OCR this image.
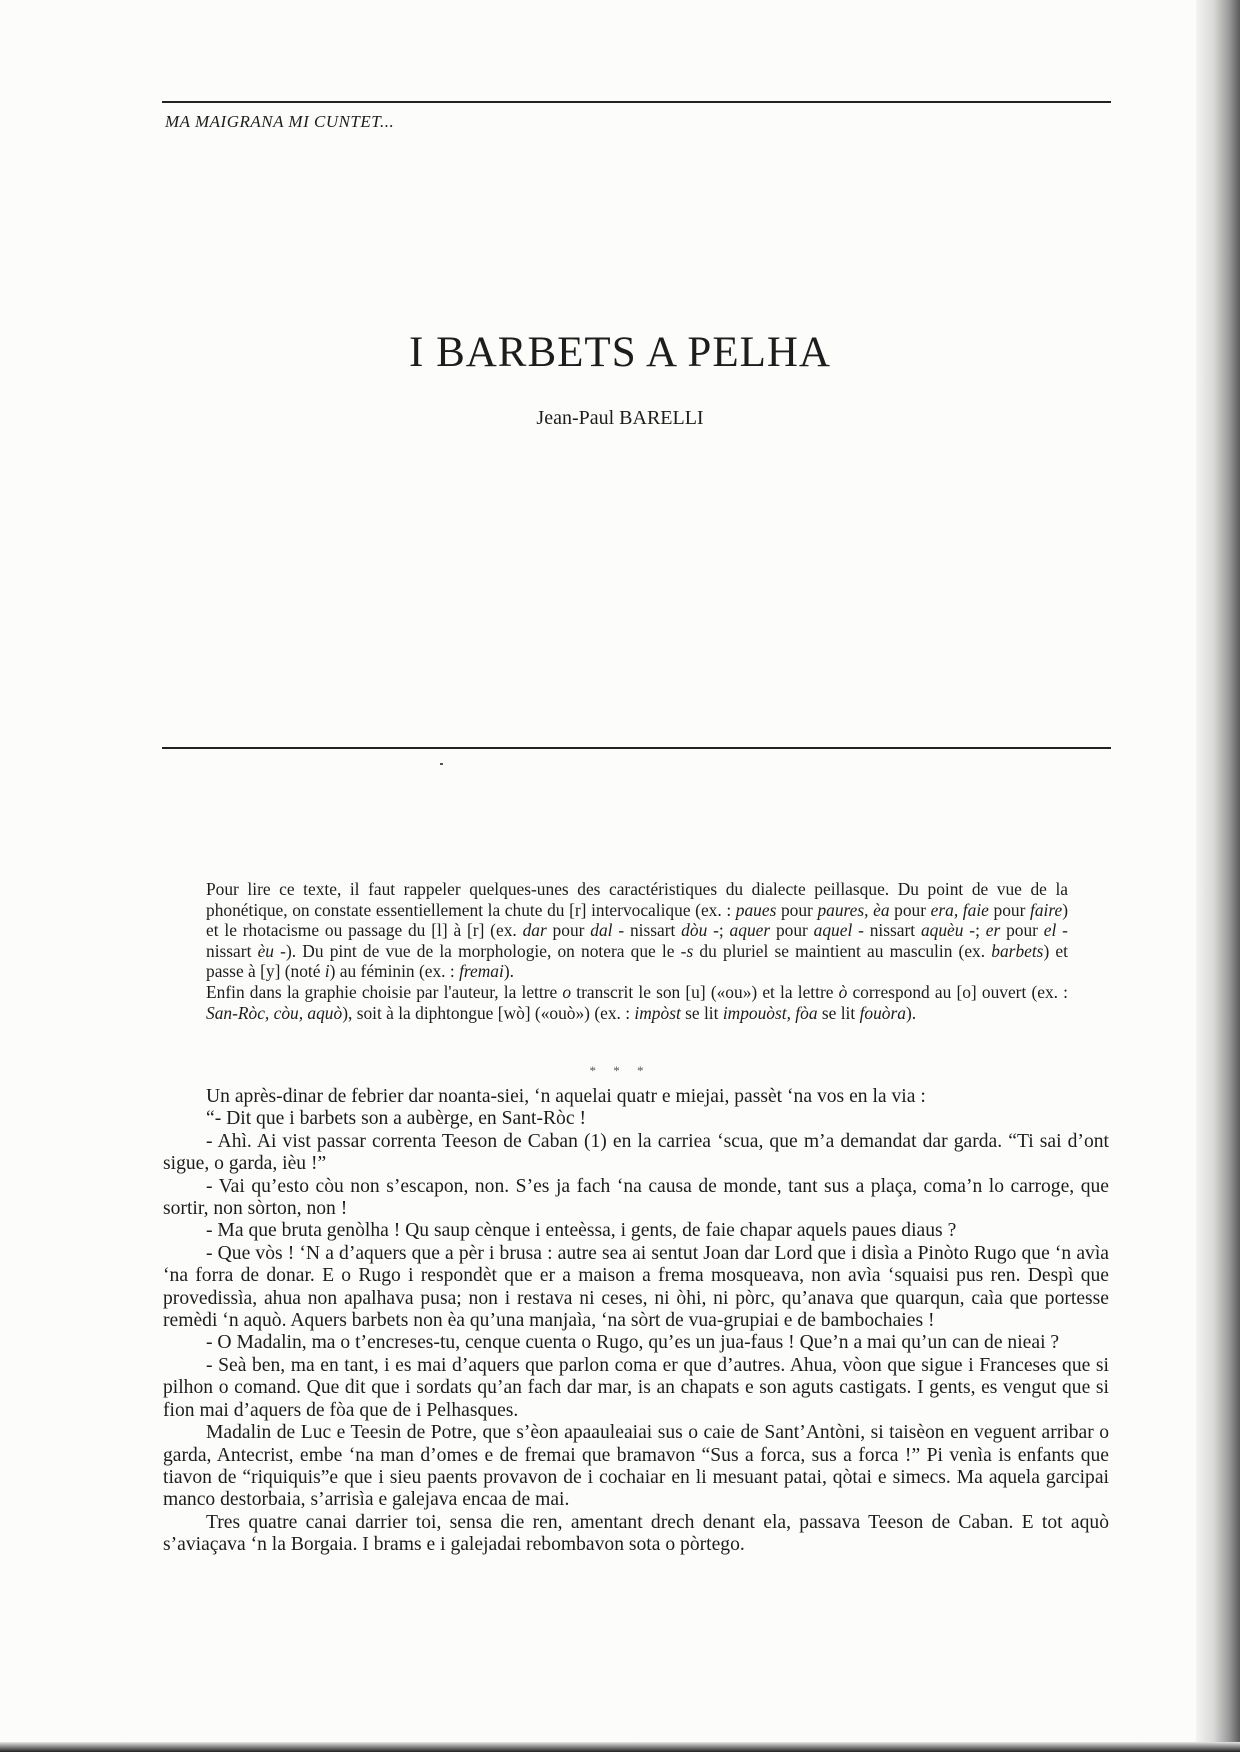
MA MAIGRANA MI CUNTET...
I BARBETS A PELHA
Jean-Paul BARELLI
Pour lire ce texte, il faut rappeler quelques-unes des caractéristiques du dialecte peillasque. Du point de vue de la phonétique, on constate essentiellement la chute du [r] intervocalique (ex. : paues pour paures, èa pour era, faie pour faire) et le rhotacisme ou passage du [l] à [r] (ex. dar pour dal - nissart dòu -; aquer pour aquel - nissart aquèu -; er pour el - nissart èu -). Du pint de vue de la morphologie, on notera que le -s du pluriel se maintient au masculin (ex. barbets) et passe à [y] (noté i) au féminin (ex. : fremai).
Enfin dans la graphie choisie par l'auteur, la lettre o transcrit le son [u] («ou») et la lettre ò correspond au [o] ouvert (ex. : San-Ròc, còu, aquò), soit à la diphtongue [wò] («ouò») (ex. : impòst se lit impouòst, fòa se lit fouòra).
* * *

Un après-dinar de febrier dar noanta-siei, ‘n aquelai quatr e miejai, passèt ‘na vos en la via :

“- Dit que i barbets son a aubèrge, en Sant-Ròc !

- Ahì. Ai vist passar correnta Teeson de Caban (1) en la carriea ‘scua, que m’a demandat dar garda. “Ti sai d’ont sigue, o garda, ièu !”

- Vai qu’esto còu non s’escapon, non. S’es ja fach ‘na causa de monde, tant sus a plaça, coma’n lo carroge, que sortir, non sòrton, non !

- Ma que bruta genòlha ! Qu saup cènque i enteèssa, i gents, de faie chapar aquels paues diaus ?

- Que vòs ! ‘N a d’aquers que a pèr i brusa : autre sea ai sentut Joan dar Lord que i disìa a Pinòto Rugo que ‘n avìa ‘na forra de donar. E o Rugo i respondèt que er a maison a frema mosqueava, non avìa ‘squaisi pus ren. Despì que provedissìa, ahua non apalhava pusa; non i restava ni ceses, ni òhi, ni pòrc, qu’anava que quarqun, caìa que portesse remèdi ‘n aquò. Aquers barbets non èa qu’una manjaìa, ‘na sòrt de vua-grupiai e de bambochaies !

- O Madalin, ma o t’encreses-tu, cenque cuenta o Rugo, qu’es un jua-faus ! Que’n a mai qu’un can de nieai ?

- Seà ben, ma en tant, i es mai d’aquers que parlon coma er que d’autres. Ahua, vòon que sigue i Franceses que si pilhon o comand. Que dit que i sordats qu’an fach dar mar, is an chapats e son aguts castigats. I gents, es vengut que si fion mai d’aquers de fòa que de i Pelhasques.

Madalin de Luc e Teesin de Potre, que s’èon apaauleaiai sus o caie de Sant’Antòni, si taisèon en veguent arribar o garda, Antecrist, embe ‘na man d’omes e de fremai que bramavon “Sus a forca, sus a forca !” Pi venìa is enfants que tiavon de “riquiquis”e que i sieu paents provavon de i cochaiar en li mesuant patai, qòtai e simecs. Ma aquela garcipai manco destorbaia, s’arrisìa e galejava encaa de mai.

Tres quatre canai darrier toi, sensa die ren, amentant drech denant ela, passava Teeson de Caban. E tot aquò s’aviaçava ‘n la Borgaia. I brams e i galejadai rebombavon sota o pòrtego.
